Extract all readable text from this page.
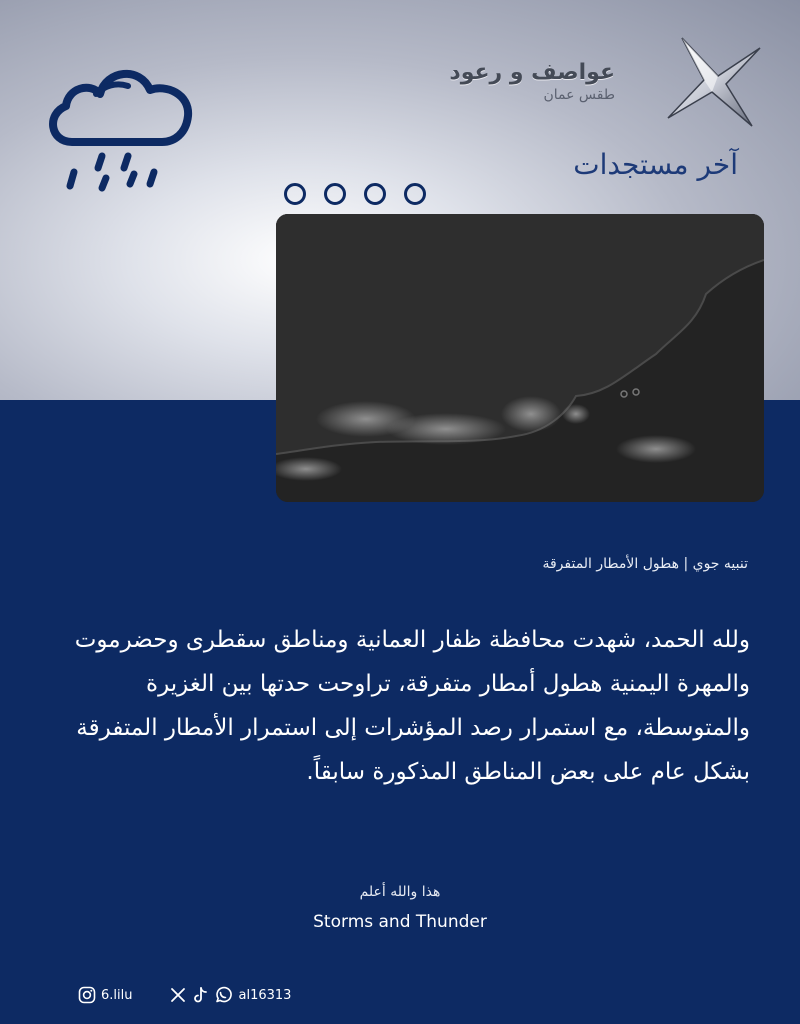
عواصف و رعود
طقس عمان
آخر مستجدات
تنبيه جوي | هطول الأمطار المتفرقة
ولله الحمد، شهدت محافظة ظفار العمانية ومناطق سقطرى وحضرموت والمهرة اليمنية هطول أمطار متفرقة، تراوحت حدتها بين الغزيرة والمتوسطة، مع استمرار رصد المؤشرات إلى استمرار الأمطار المتفرقة بشكل عام على بعض المناطق المذكورة سابقاً.
هذا والله أعلم
Storms and Thunder
6.lilu	al16313
